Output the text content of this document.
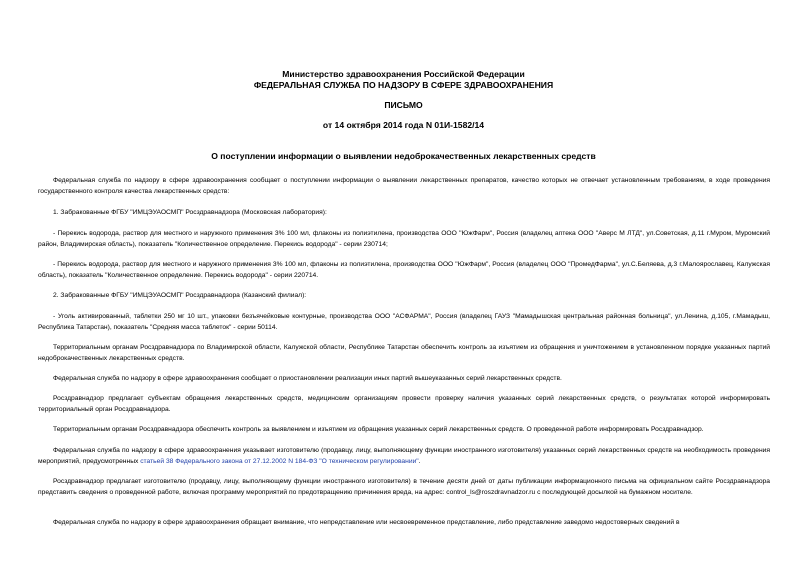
Министерство здравоохранения Российской Федерации
ФЕДЕРАЛЬНАЯ СЛУЖБА ПО НАДЗОРУ В СФЕРЕ ЗДРАВООХРАНЕНИЯ
ПИСЬМО
от 14 октября 2014 года N 01И-1582/14
О поступлении информации о выявлении недоброкачественных лекарственных средств

Федеральная служба по надзору в сфере здравоохранения сообщает о поступлении информации о выявлении лекарственных препаратов, качество которых не отвечает установленным требованиям, в ходе проведения государственного контроля качества лекарственных средств:

1. Забракованные ФГБУ "ИМЦЭУАОСМП" Росздравнадзора (Московская лаборатория):

- Перекись водорода, раствор для местного и наружного применения 3% 100 мл, флаконы из полиэтилена, производства ООО "ЮжФарм", Россия (владелец аптека ООО "Аверс М ЛТД", ул.Советская, д.11 г.Муром, Муромский район, Владимирская область), показатель "Количественное определение. Перекись водорода" - серии 230714;

- Перекись водорода, раствор для местного и наружного применения 3% 100 мл, флаконы из полиэтилена, производства ООО "ЮжФарм", Россия (владелец ООО "ПромедФарма", ул.С.Беляева, д.3 г.Малоярославец, Калужская область), показатель "Количественное определение. Перекись водорода" - серии 220714.

2. Забракованные ФГБУ "ИМЦЭУАОСМП" Росздравнадзора (Казанский филиал):

- Уголь активированный, таблетки 250 мг 10 шт., упаковки безъячейковые контурные, производства ООО "АСФАРМА", Россия (владелец ГАУЗ "Мамадышская центральная районная больница", ул.Ленина, д.105, г.Мамадыш, Республика Татарстан), показатель "Средняя масса таблеток" - серии 50114.

Территориальным органам Росздравнадзора по Владимирской области, Калужской области, Республике Татарстан обеспечить контроль за изъятием из обращения и уничтожением в установленном порядке указанных партий недоброкачественных лекарственных средств.

Федеральная служба по надзору в сфере здравоохранения сообщает о приостановлении реализации иных партий вышеуказанных серий лекарственных средств.

Росздравнадзор предлагает субъектам обращения лекарственных средств, медицинским организациям провести проверку наличия указанных серий лекарственных средств, о результатах которой информировать территориальный орган Росздравнадзора.

Территориальным органам Росздравнадзора обеспечить контроль за выявлением и изъятием из обращения указанных серий лекарственных средств. О проведенной работе информировать Росздравнадзор.

Федеральная служба по надзору в сфере здравоохранения указывает изготовителю (продавцу, лицу, выполняющему функции иностранного изготовителя) указанных серий лекарственных средств на необходимость проведения мероприятий, предусмотренных статьей 38 Федерального закона от 27.12.2002 N 184-ФЗ "О техническом регулировании".

Росздравнадзор предлагает изготовителю (продавцу, лицу, выполняющему функции иностранного изготовителя) в течение десяти дней от даты публикации информационного письма на официальном сайте Росздравнадзора представить сведения о проведенной работе, включая программу мероприятий по предотвращению причинения вреда, на адрес: control_ls@roszdravnadzor.ru с последующей досылкой на бумажном носителе.

Федеральная служба по надзору в сфере здравоохранения обращает внимание, что непредставление или несвоевременное представление, либо представление заведомо недостоверных сведений в
